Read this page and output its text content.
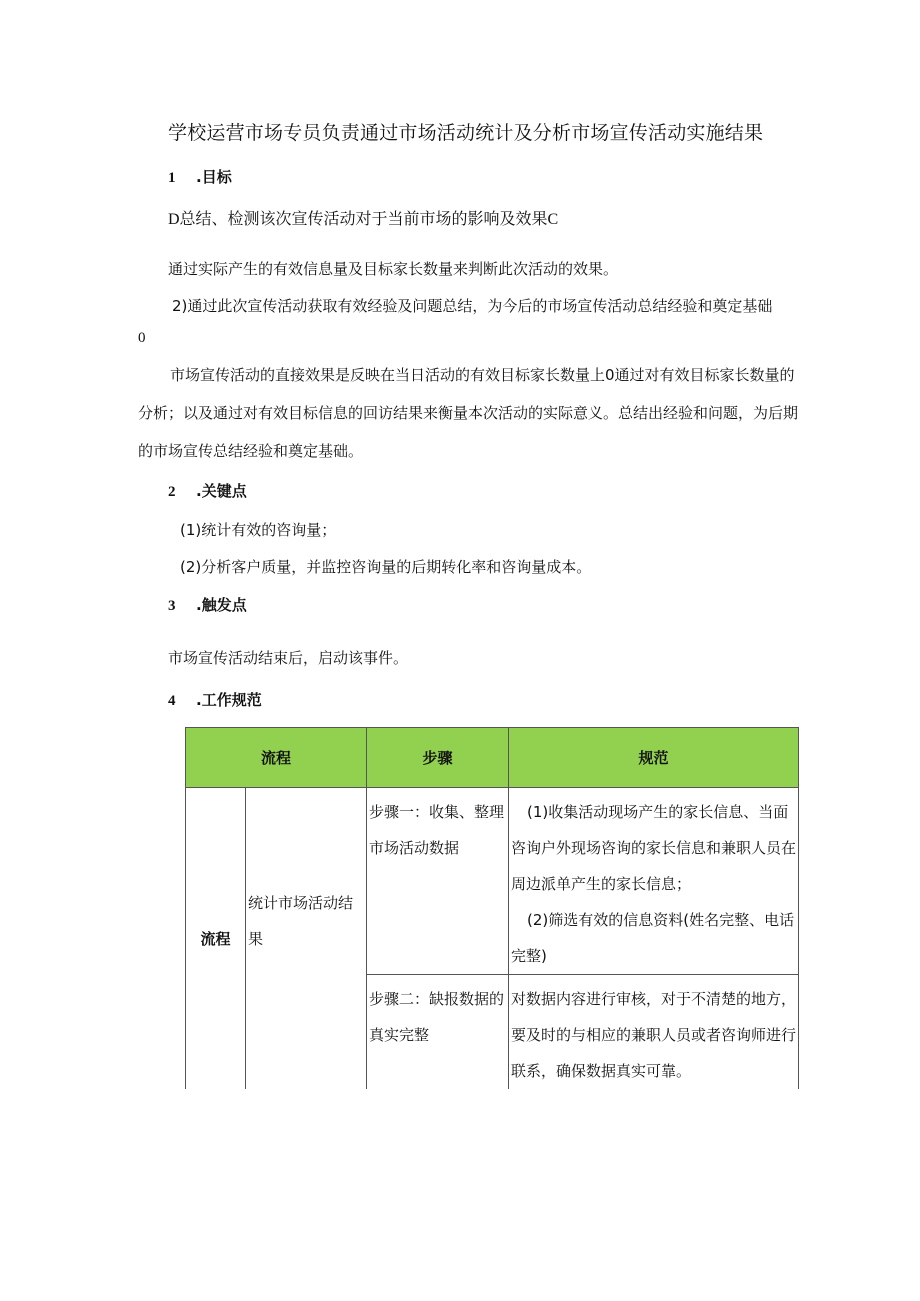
学校运营市场专员负责通过市场活动统计及分析市场宣传活动实施结果
1 .目标
D总结、检测该次宣传活动对于当前市场的影响及效果C
通过实际产生的有效信息量及目标家长数量来判断此次活动的效果。
2)通过此次宣传活动获取有效经验及问题总结，为今后的市场宣传活动总结经验和奠定基础
0
市场宣传活动的直接效果是反映在当日活动的有效目标家长数量上0通过对有效目标家长数量的分析；以及通过对有效目标信息的回访结果来衡量本次活动的实际意义。总结出经验和问题，为后期的市场宣传总结经验和奠定基础。
2 .关键点
(1)统计有效的咨询量；
(2)分析客户质量，并监控咨询量的后期转化率和咨询量成本。
3 .触发点
市场宣传活动结束后，启动该事件。
4 .工作规范
流程		步骤	规范
流程	统计市场活动结果	步骤一：收集、整理市场活动数据	(1)收集活动现场产生的家长信息、当面咨询户外现场咨询的家长信息和兼职人员在周边派单产生的家长信息；
(2)筛选有效的信息资料(姓名完整、电话完整)

		步骤二：缺报数据的真实完整	对数据内容进行审核，对于不清楚的地方，要及时的与相应的兼职人员或者咨询师进行联系，确保数据真实可靠。
